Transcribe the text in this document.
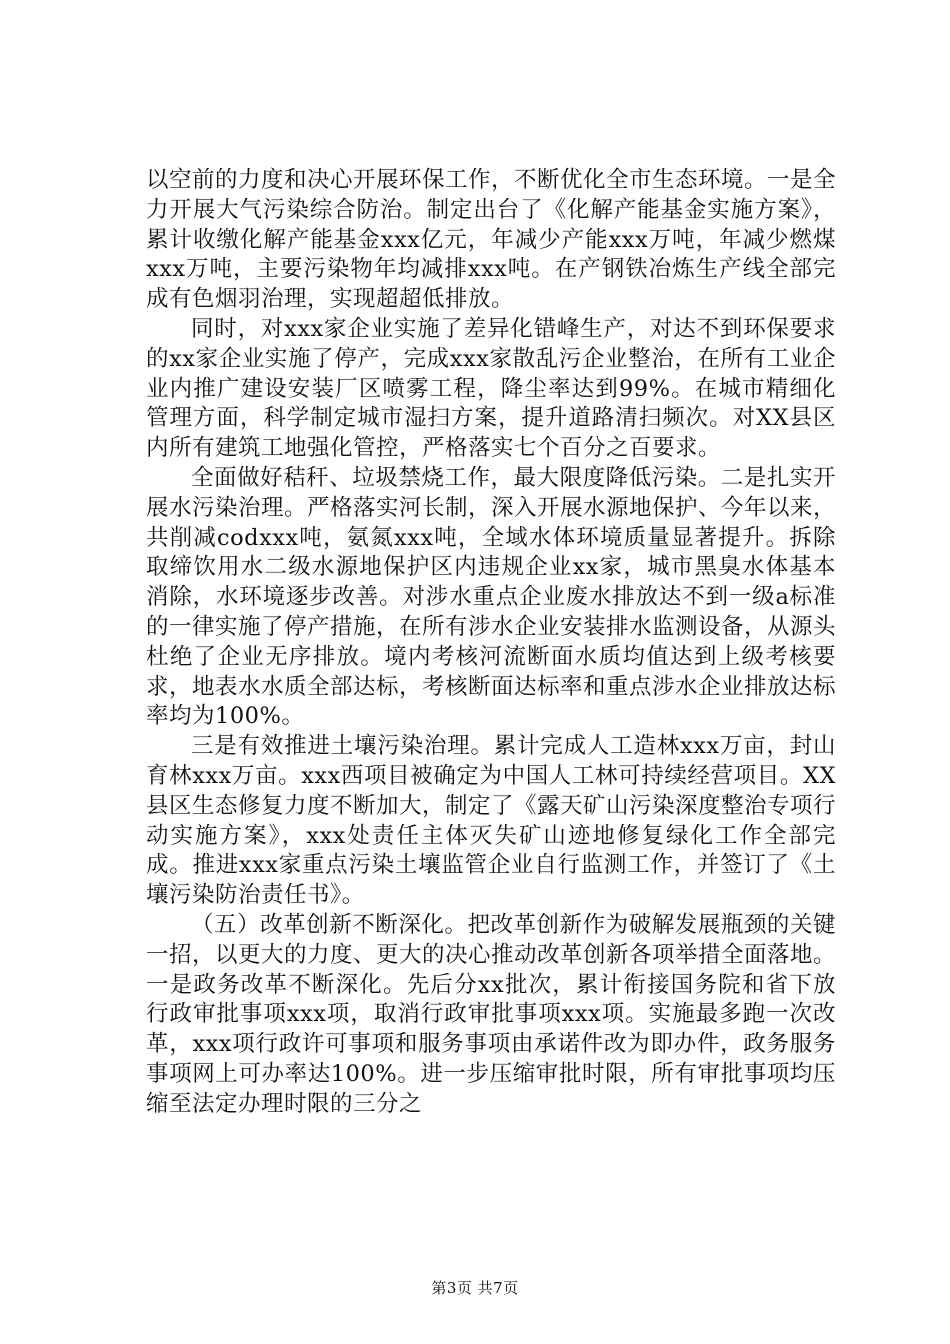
以空前的力度和决心开展环保工作，不断优化全市生态环境。一是全力开展大气污染综合防治。制定出台了《化解产能基金实施方案》，累计收缴化解产能基金xxx亿元，年减少产能xxx万吨，年减少燃煤xxx万吨，主要污染物年均减排xxx吨。在产钢铁冶炼生产线全部完成有色烟羽治理，实现超超低排放。

同时，对xxx家企业实施了差异化错峰生产，对达不到环保要求的xx家企业实施了停产，完成xxx家散乱污企业整治，在所有工业企业内推广建设安装厂区喷雾工程，降尘率达到99%。在城市精细化管理方面，科学制定城市湿扫方案，提升道路清扫频次。对XX县区内所有建筑工地强化管控，严格落实七个百分之百要求。

全面做好秸秆、垃圾禁烧工作，最大限度降低污染。二是扎实开展水污染治理。严格落实河长制，深入开展水源地保护、今年以来，共削减codxxx吨，氨氮xxx吨，全域水体环境质量显著提升。拆除取缔饮用水二级水源地保护区内违规企业xx家，城市黑臭水体基本消除，水环境逐步改善。对涉水重点企业废水排放达不到一级a标准的一律实施了停产措施，在所有涉水企业安装排水监测设备，从源头杜绝了企业无序排放。境内考核河流断面水质均值达到上级考核要求，地表水水质全部达标，考核断面达标率和重点涉水企业排放达标率均为100%。

三是有效推进土壤污染治理。累计完成人工造林xxx万亩，封山育林xxx万亩。xxx西项目被确定为中国人工林可持续经营项目。XX县区生态修复力度不断加大，制定了《露天矿山污染深度整治专项行动实施方案》，xxx处责任主体灭失矿山迹地修复绿化工作全部完成。推进xxx家重点污染土壤监管企业自行监测工作，并签订了《土壤污染防治责任书》。

（五）改革创新不断深化。把改革创新作为破解发展瓶颈的关键一招，以更大的力度、更大的决心推动改革创新各项举措全面落地。一是政务改革不断深化。先后分xx批次，累计衔接国务院和省下放行政审批事项xxx项，取消行政审批事项xxx项。实施最多跑一次改革，xxx项行政许可事项和服务事项由承诺件改为即办件，政务服务事项网上可办率达100%。进一步压缩审批时限，所有审批事项均压缩至法定办理时限的三分之

第3页 共7页
